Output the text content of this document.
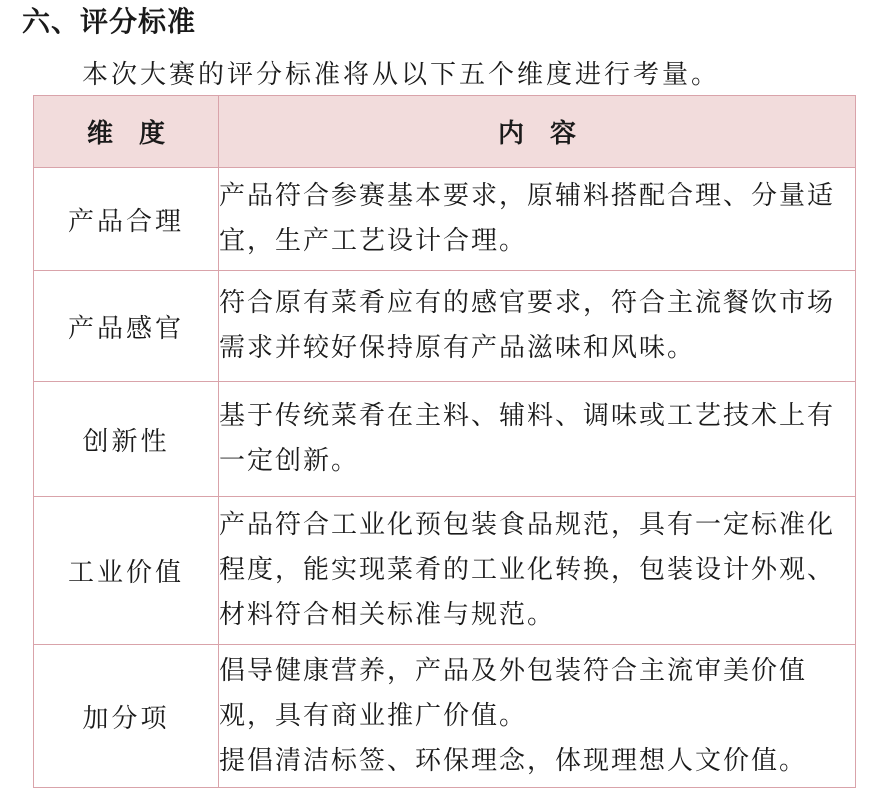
六、评分标准
本次大赛的评分标准将从以下五个维度进行考量。
维度	内容
产品合理	产品符合参赛基本要求，原辅料搭配合理、分量适
宜，生产工艺设计合理。

产品感官	符合原有菜肴应有的感官要求，符合主流餐饮市场
需求并较好保持原有产品滋味和风味。

创新性	基于传统菜肴在主料、辅料、调味或工艺技术上有
一定创新。

工业价值	产品符合工业化预包装食品规范，具有一定标准化
程度，能实现菜肴的工业化转换，包装设计外观、
材料符合相关标准与规范。

加分项	倡导健康营养，产品及外包装符合主流审美价值
观，具有商业推广价值。
提倡清洁标签、环保理念，体现理想人文价值。
